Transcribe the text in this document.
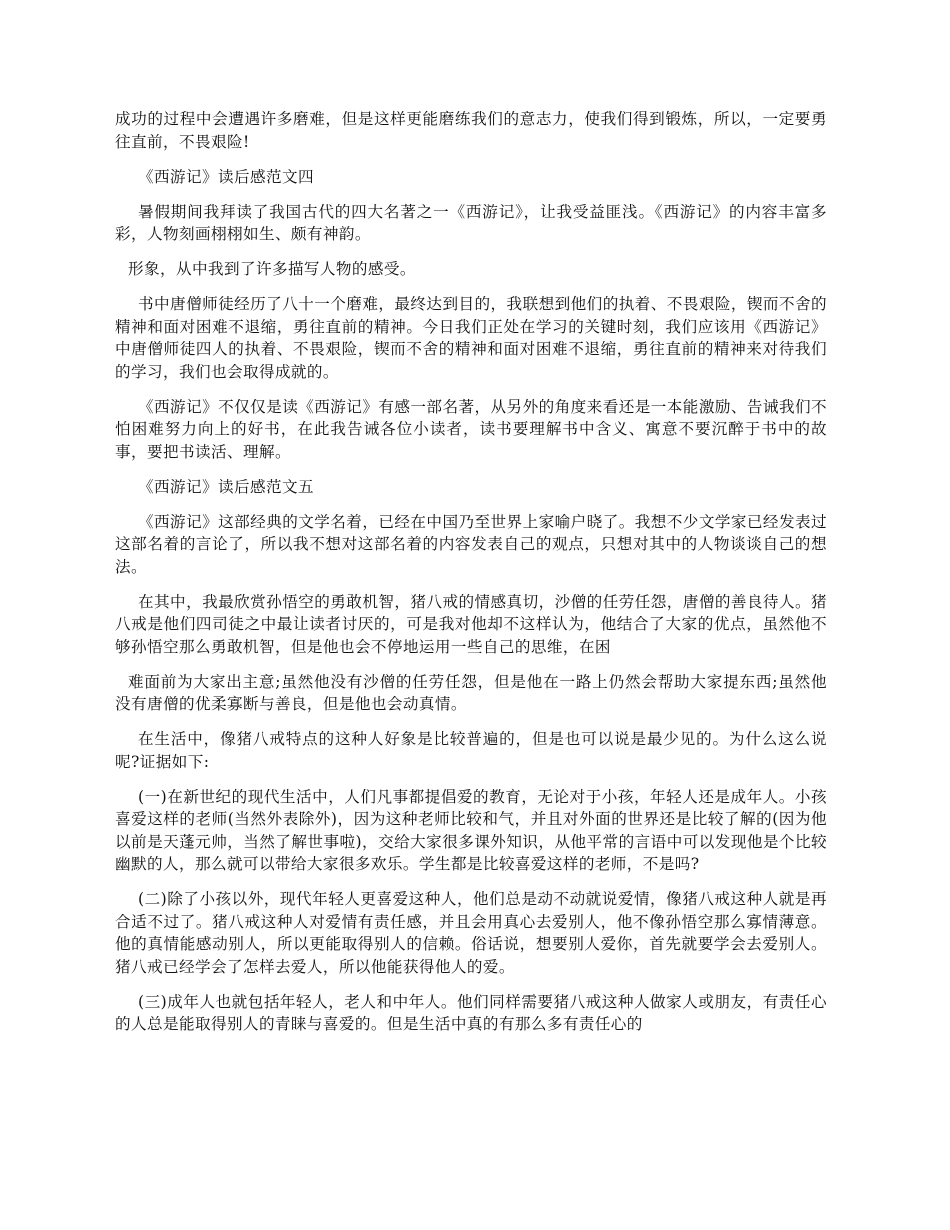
成功的过程中会遭遇许多磨难，但是这样更能磨练我们的意志力，使我们得到锻炼，所以，一定要勇往直前，不畏艰险!

《西游记》读后感范文四

暑假期间我拜读了我国古代的四大名著之一《西游记》，让我受益匪浅。《西游记》的内容丰富多彩，人物刻画栩栩如生、颇有神韵。

形象，从中我到了许多描写人物的感受。

书中唐僧师徒经历了八十一个磨难，最终达到目的，我联想到他们的执着、不畏艰险，锲而不舍的精神和面对困难不退缩，勇往直前的精神。今日我们正处在学习的关键时刻，我们应该用《西游记》中唐僧师徒四人的执着、不畏艰险，锲而不舍的精神和面对困难不退缩，勇往直前的精神来对待我们的学习，我们也会取得成就的。

《西游记》不仅仅是读《西游记》有感一部名著，从另外的角度来看还是一本能激励、告诫我们不怕困难努力向上的好书，在此我告诫各位小读者，读书要理解书中含义、寓意不要沉醉于书中的故事，要把书读活、理解。

《西游记》读后感范文五

《西游记》这部经典的文学名着，已经在中国乃至世界上家喻户晓了。我想不少文学家已经发表过这部名着的言论了，所以我不想对这部名着的内容发表自己的观点，只想对其中的人物谈谈自己的想法。

在其中，我最欣赏孙悟空的勇敢机智，猪八戒的情感真切，沙僧的任劳任怨，唐僧的善良待人。猪八戒是他们四司徒之中最让读者讨厌的，可是我对他却不这样认为，他结合了大家的优点，虽然他不够孙悟空那么勇敢机智，但是他也会不停地运用一些自己的思维，在困

难面前为大家出主意;虽然他没有沙僧的任劳任怨，但是他在一路上仍然会帮助大家提东西;虽然他没有唐僧的优柔寡断与善良，但是他也会动真情。

在生活中，像猪八戒特点的这种人好象是比较普遍的，但是也可以说是最少见的。为什么这么说呢?证据如下:

(一)在新世纪的现代生活中，人们凡事都提倡爱的教育，无论对于小孩，年轻人还是成年人。小孩喜爱这样的老师(当然外表除外)，因为这种老师比较和气，并且对外面的世界还是比较了解的(因为他以前是天蓬元帅，当然了解世事啦)，交给大家很多课外知识，从他平常的言语中可以发现他是个比较幽默的人，那么就可以带给大家很多欢乐。学生都是比较喜爱这样的老师，不是吗?

(二)除了小孩以外，现代年轻人更喜爱这种人，他们总是动不动就说爱情，像猪八戒这种人就是再合适不过了。猪八戒这种人对爱情有责任感，并且会用真心去爱别人，他不像孙悟空那么寡情薄意。他的真情能感动别人，所以更能取得别人的信赖。俗话说，想要别人爱你，首先就要学会去爱别人。猪八戒已经学会了怎样去爱人，所以他能获得他人的爱。

(三)成年人也就包括年轻人，老人和中年人。他们同样需要猪八戒这种人做家人或朋友，有责任心的人总是能取得别人的青睐与喜爱的。但是生活中真的有那么多有责任心的
